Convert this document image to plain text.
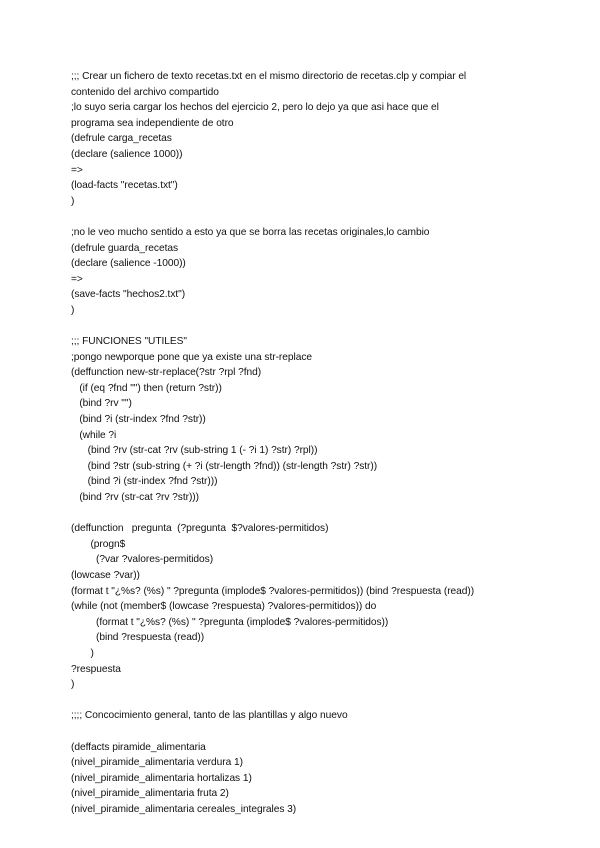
;;; Crear un fichero de texto recetas.txt en el mismo directorio de recetas.clp y compiar el
contenido del archivo compartido
;lo suyo seria cargar los hechos del ejercicio 2, pero lo dejo ya que asi hace que el
programa sea independiente de otro
(defrule carga_recetas
(declare (salience 1000))
=>
(load-facts "recetas.txt")
)
;no le veo mucho sentido a esto ya que se borra las recetas originales,lo cambio
(defrule guarda_recetas
(declare (salience -1000))
=>
(save-facts "hechos2.txt")
)
;;; FUNCIONES "UTILES"
;pongo newporque pone que ya existe una str-replace
(deffunction new-str-replace(?str ?rpl ?fnd)
(if (eq ?fnd "") then (return ?str))
(bind ?rv "")
(bind ?i (str-index ?fnd ?str))
(while ?i
(bind ?rv (str-cat ?rv (sub-string 1 (- ?i 1) ?str) ?rpl))
(bind ?str (sub-string (+ ?i (str-length ?fnd)) (str-length ?str) ?str))
(bind ?i (str-index ?fnd ?str)))
(bind ?rv (str-cat ?rv ?str)))
(deffunction   pregunta  (?pregunta  $?valores-permitidos)
(progn$
(?var ?valores-permitidos)
(lowcase ?var))
(format t "¿%s? (%s) " ?pregunta (implode$ ?valores-permitidos)) (bind ?respuesta (read))
(while (not (member$ (lowcase ?respuesta) ?valores-permitidos)) do
(format t "¿%s? (%s) " ?pregunta (implode$ ?valores-permitidos))
(bind ?respuesta (read))
)
?respuesta
)
;;;; Concocimiento general, tanto de las plantillas y algo nuevo
(deffacts piramide_alimentaria
(nivel_piramide_alimentaria verdura 1)
(nivel_piramide_alimentaria hortalizas 1)
(nivel_piramide_alimentaria fruta 2)
(nivel_piramide_alimentaria cereales_integrales 3)
